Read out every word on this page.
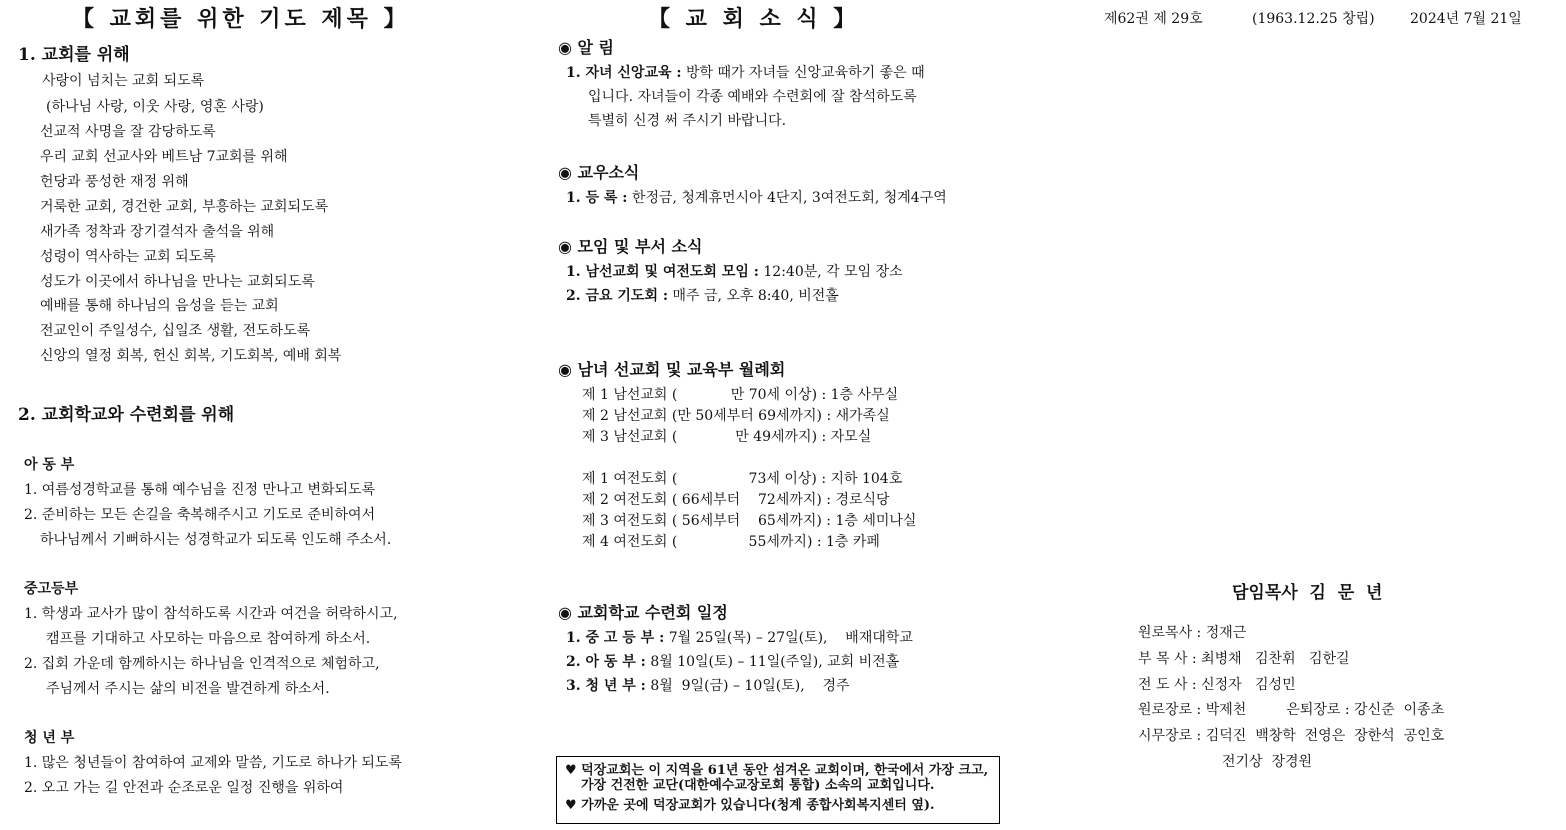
【 교회를 위한 기도 제목 】
1. 교회를 위해
사랑이 넘치는 교회 되도록
(하나님 사랑, 이웃 사랑, 영혼 사랑)
선교적 사명을 잘 감당하도록
우리 교회 선교사와 베트남 7교회를 위해
헌당과 풍성한 재정 위해
거룩한 교회, 경건한 교회, 부흥하는 교회되도록
새가족 정착과 장기결석자 출석을 위해
성령이 역사하는 교회 되도록
성도가 이곳에서 하나님을 만나는 교회되도록
예배를 통해 하나님의 음성을 듣는 교회
전교인이 주일성수, 십일조 생활, 전도하도록
신앙의 열정 회복, 헌신 회복, 기도회복, 예배 회복
2. 교회학교와 수련회를 위해
아 동 부
1. 여름성경학교를 통해 예수님을 진정 만나고 변화되도록
2. 준비하는 모든 손길을 축복해주시고 기도로 준비하여서
하나님께서 기뻐하시는 성경학교가 되도록 인도해 주소서.
중고등부
1. 학생과 교사가 많이 참석하도록 시간과 여건을 허락하시고,
캠프를 기대하고 사모하는 마음으로 참여하게 하소서.
2. 집회 가운데 함께하시는 하나님을 인격적으로 체험하고,
주님께서 주시는 삶의 비전을 발견하게 하소서.
청 년 부
1. 많은 청년들이 참여하여 교제와 말씀, 기도로 하나가 되도록
2. 오고 가는 길 안전과 순조로운 일정 진행을 위하여
【 교 회 소 식 】
◉ 알 림
1. 자녀 신앙교육 : 방학 때가 자녀들 신앙교육하기 좋은 때
입니다. 자녀들이 각종 예배와 수련회에 잘 참석하도록
특별히 신경 써 주시기 바랍니다.
◉ 교우소식
1. 등 록 : 한정금, 청계휴먼시아 4단지, 3여전도회, 청계4구역
◉ 모임 및 부서 소식
1. 남선교회 및 여전도회 모임 : 12:40분, 각 모임 장소
2. 금요 기도회 : 매주 금, 오후 8:40, 비전홀
◉ 남녀 선교회 및 교육부 월례회
제 1 남선교회 (            만 70세 이상) : 1층 사무실
제 2 남선교회 (만 50세부터 69세까지) : 새가족실
제 3 남선교회 (             만 49세까지) : 자모실
제 1 여전도회 (                73세 이상) : 지하 104호
제 2 여전도회 ( 66세부터    72세까지) : 경로식당
제 3 여전도회 ( 56세부터    65세까지) : 1층 세미나실
제 4 여전도회 (                55세까지) : 1층 카페
◉ 교회학교 수련회 일정
1. 중 고 등 부 : 7월 25일(목) – 27일(토),    배재대학교
2. 아 동 부 : 8월 10일(토) – 11일(주일), 교회 비전홀
3. 청 년 부 : 8월  9일(금) – 10일(토),    경주
♥ 덕장교회는 이 지역을 61년 동안 섬겨온 교회이며, 한국에서 가장 크고,
가장 건전한 교단(대한예수교장로회 통합) 소속의 교회입니다.
♥ 가까운 곳에 덕장교회가 있습니다(청계 종합사회복지센터 옆).
제62권 제 29호	(1963.12.25 창립)	2024년 7월 21일
담임목사  김  문  년
원로목사 : 정재근
부 목 사 : 최병채   김찬휘   김한길
전 도 사 : 신정자   김성민
원로장로 : 박제천         은퇴장로 : 강신준  이종초
시무장로 : 김덕진  백창학  전영은  장한석  공인호
전기상  장경원
